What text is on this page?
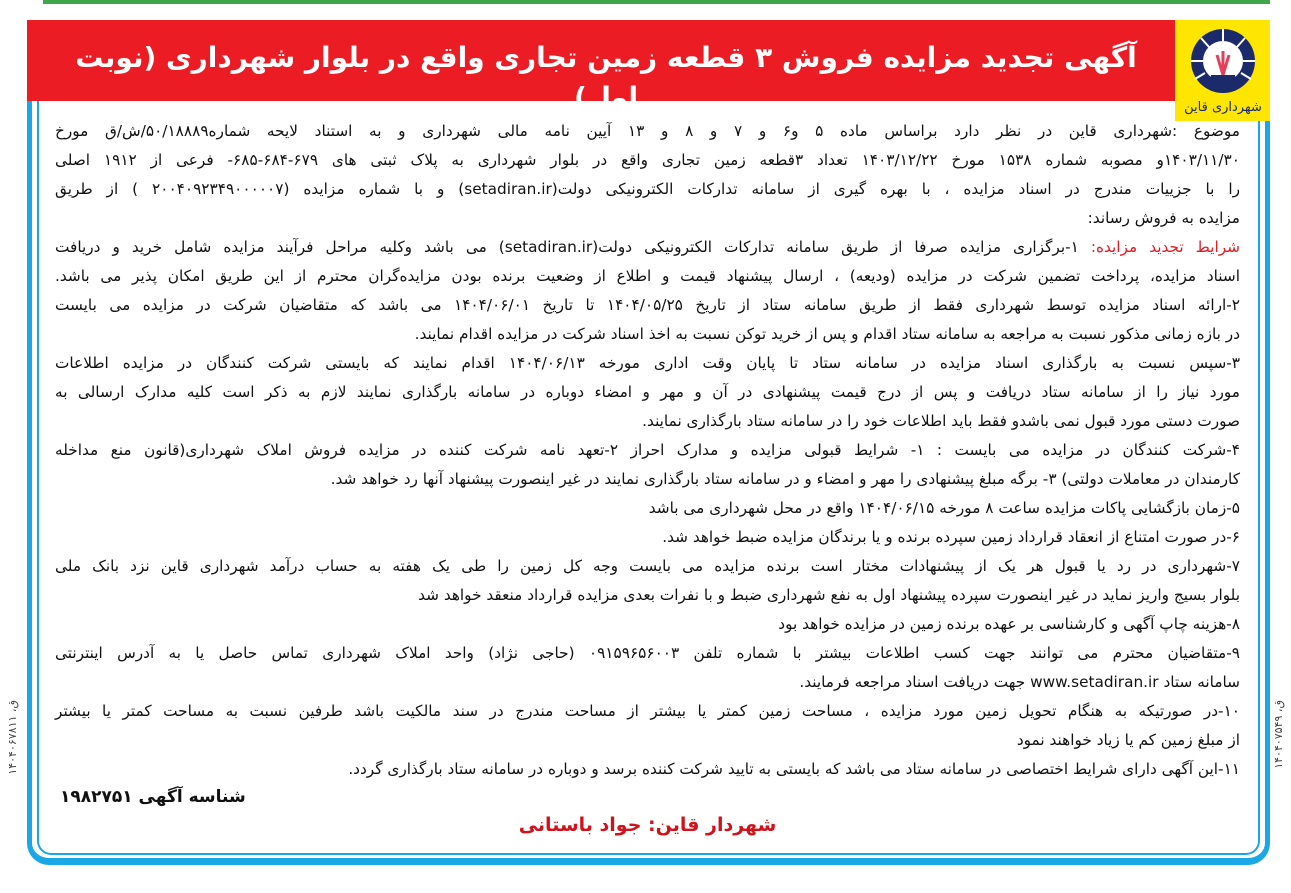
آگهی تجدید مزایده فروش ۳ قطعه زمین تجاری واقع در بلوار شهرداری (نوبت اول)	شهرداری قاین
موضوع :شهرداری قاین در نظر دارد براساس ماده ۵ و۶ و ۷ و ۸ و ۱۳ آیین نامه مالی شهرداری و به استناد لایحه شماره۵۰/۱۸۸۸۹/ش/ق مورخ
۱۴۰۳/۱۱/۳۰و مصوبه شماره ۱۵۳۸ مورخ ۱۴۰۳/۱۲/۲۲ تعداد ۳قطعه زمین تجاری واقع در بلوار شهرداری به پلاک ثبتی های ۶۷۹-۶۸۴-۶۸۵- فرعی از ۱۹۱۲ اصلی
را با جزییات مندرج در اسناد مزایده ، با بهره گیری از سامانه تدارکات الکترونیکی دولت(setadiran.ir) و با شماره مزایده (۲۰۰۴۰۹۲۳۴۹۰۰۰۰۰۷ ) از طریق
مزایده به فروش رساند:
شرایط تجدید مزایده: ۱-برگزاری مزایده صرفا از طریق سامانه تدارکات الکترونیکی دولت(setadiran.ir) می باشد وکلیه مراحل فرآیند مزایده شامل خرید و دریافت
اسناد مزایده، پرداخت تضمین شرکت در مزایده (ودیعه) ، ارسال پیشنهاد قیمت و اطلاع از وضعیت برنده بودن مزایده‌گران محترم از این طریق امکان پذیر می باشد.
۲-ارائه اسناد مزایده توسط شهرداری فقط از طریق سامانه ستاد از تاریخ ۱۴۰۴/۰۵/۲۵ تا تاریخ ۱۴۰۴/۰۶/۰۱ می باشد که متقاضیان شرکت در مزایده می بایست
در بازه زمانی مذکور نسبت به مراجعه به سامانه ستاد اقدام و پس از خرید توکن نسبت به اخذ اسناد شرکت در مزایده اقدام نمایند.
۳-سپس نسبت به بارگذاری اسناد مزایده در سامانه ستاد تا پایان وقت اداری مورخه ۱۴۰۴/۰۶/۱۳ اقدام نمایند که بایستی شرکت کنندگان در مزایده اطلاعات
مورد نیاز را از سامانه ستاد دریافت و پس از درج قیمت پیشنهادی در آن و مهر و امضاء دوباره در سامانه بارگذاری نمایند لازم به ذکر است کلیه مدارک ارسالی به
صورت دستی مورد قبول نمی باشدو فقط باید اطلاعات خود را در سامانه ستاد بارگذاری نمایند.
۴-شرکت کنندگان در مزایده می بایست : ۱- شرایط قبولی مزایده و مدارک احراز ۲-تعهد نامه شرکت کننده در مزایده فروش املاک شهرداری(قانون منع مداخله
کارمندان در معاملات دولتی) ۳- برگه مبلغ پیشنهادی را مهر و امضاء و در سامانه ستاد بارگذاری نمایند در غیر اینصورت پیشنهاد آنها رد خواهد شد.
۵-زمان بازگشایی پاکات مزایده ساعت ۸ مورخه ۱۴۰۴/۰۶/۱۵ واقع در محل شهرداری می باشد
۶-در صورت امتناع از انعقاد قرارداد زمین سپرده برنده و یا برندگان مزایده ضبط خواهد شد.
۷-شهرداری در رد یا قبول هر یک از پیشنهادات مختار است برنده مزایده می بایست وجه کل زمین را طی یک هفته به حساب درآمد شهرداری قاین نزد بانک ملی
بلوار بسیج واریز نماید در غیر اینصورت سپرده پیشنهاد اول به نفع شهرداری ضبط و با نفرات بعدی مزایده قرارداد منعقد خواهد شد
۸-هزینه چاپ آگهی و کارشناسی بر عهده برنده زمین در مزایده خواهد بود
۹-متقاضیان محترم می توانند جهت کسب اطلاعات بیشتر با شماره تلفن ۰۹۱۵۹۶۵۶۰۰۳ (حاجی نژاد) واحد املاک شهرداری تماس حاصل یا به آدرس اینترنتی
سامانه ستاد www.setadiran.ir جهت دریافت اسناد مراجعه فرمایند.
۱۰-در صورتیکه به هنگام تحویل زمین مورد مزایده ، مساحت زمین کمتر یا بیشتر از مساحت مندرج در سند مالکیت باشد طرفین نسبت به مساحت کمتر یا بیشتر
از مبلغ زمین کم یا زیاد خواهند نمود
۱۱-این آگهی دارای شرایط اختصاصی در سامانه ستاد می باشد که بایستی به تایید شرکت کننده برسد و دوباره در سامانه ستاد بارگذاری گردد.
شناسه آگهی ۱۹۸۲۷۵۱
شهردار قاین: جواد باستانی
ق، ۱۴۰۴۰۶۷۸۱۱
ق، ۱۴۰۴۰۷۵۴۹
